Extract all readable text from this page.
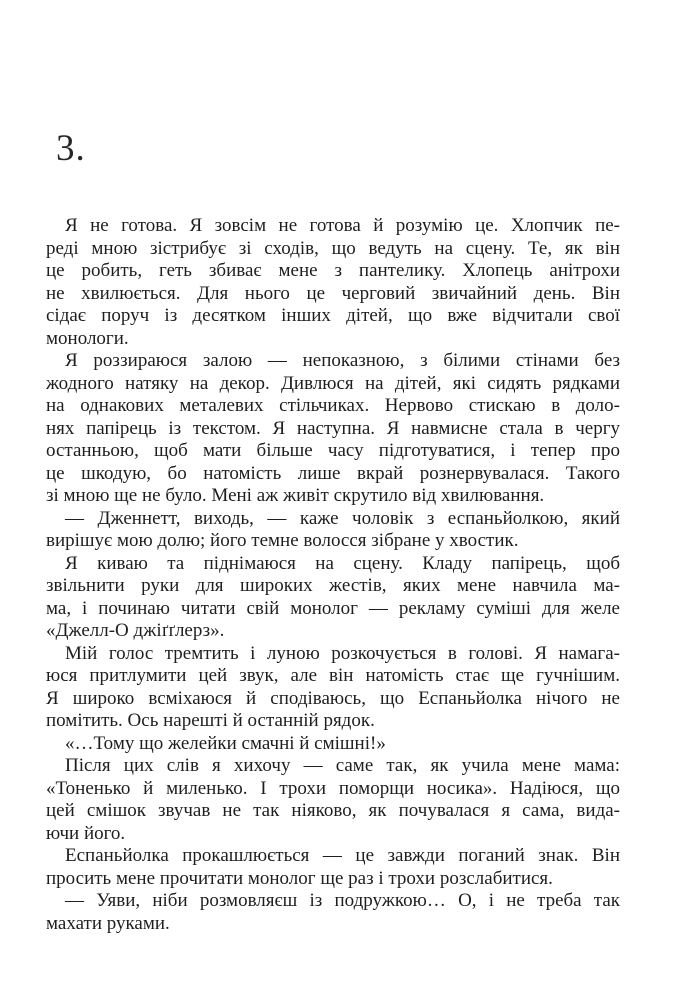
3.
Я не готова. Я зовсім не готова й розумію це. Хлопчик пе-
реді мною зістрибує зі сходів, що ведуть на сцену. Те, як він
це робить, геть збиває мене з пантелику. Хлопець анітрохи
не хвилюється. Для нього це черговий звичайний день. Він
сідає поруч із десятком інших дітей, що вже відчитали свої
монологи.
Я роззираюся залою — непоказною, з білими стінами без
жодного натяку на декор. Дивлюся на дітей, які сидять рядками
на однакових металевих стільчиках. Нервово стискаю в доло-
нях папірець із текстом. Я наступна. Я навмисне стала в чергу
останньою, щоб мати більше часу підготуватися, і тепер про
це шкодую, бо натомість лише вкрай рознервувалася. Такого
зі мною ще не було. Мені аж живіт скрутило від хвилювання.
— Дженнетт, виходь, — каже чоловік з еспаньйолкою, який
вирішує мою долю; його темне волосся зібране у хвостик.
Я киваю та піднімаюся на сцену. Кладу папірець, щоб
звільнити руки для широких жестів, яких мене навчила ма-
ма, і починаю читати свій монолог — рекламу суміші для желе
«Джелл-О джіґґлерз».
Мій голос тремтить і луною розкочується в голові. Я намага-
юся притлумити цей звук, але він натомість стає ще гучнішим.
Я широко всміхаюся й сподіваюсь, що Еспаньйолка нічого не
помітить. Ось нарешті й останній рядок.
«…Тому що желейки смачні й смішні!»
Після цих слів я хихочу — саме так, як учила мене мама:
«Тоненько й миленько. І трохи поморщи носика». Надіюся, що
цей смішок звучав не так ніяково, як почувалася я сама, вида-
ючи його.
Еспаньйолка прокашлюється — це завжди поганий знак. Він
просить мене прочитати монолог ще раз і трохи розслабитися.
— Уяви, ніби розмовляєш із подружкою… О, і не треба так
махати руками.
